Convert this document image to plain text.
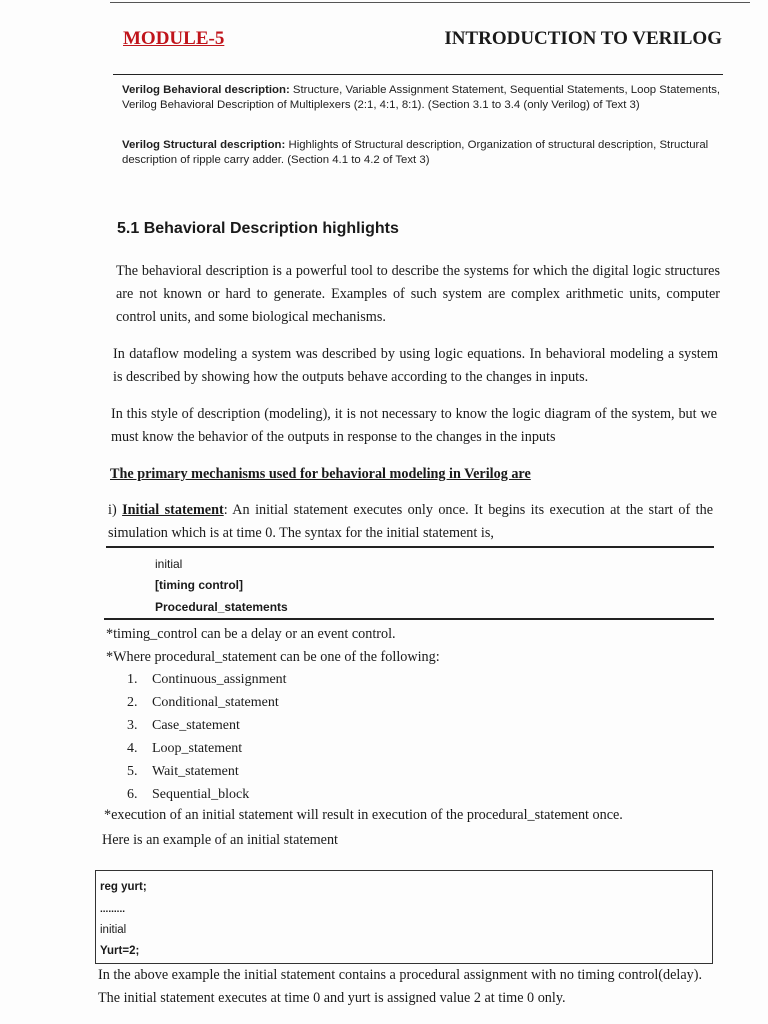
MODULE-5	INTRODUCTION TO VERILOG
Verilog Behavioral description: Structure, Variable Assignment Statement, Sequential Statements, Loop Statements, Verilog Behavioral Description of Multiplexers (2:1, 4:1, 8:1). (Section 3.1 to 3.4 (only Verilog) of Text 3)
Verilog Structural description: Highlights of Structural description, Organization of structural description, Structural description of ripple carry adder. (Section 4.1 to 4.2 of Text 3)
5.1 Behavioral Description highlights

The behavioral description is a powerful tool to describe the systems for which the digital logic structures are not known or hard to generate. Examples of such system are complex arithmetic units, computer control units, and some biological mechanisms.

In dataflow modeling a system was described by using logic equations. In behavioral modeling a system is described by showing how the outputs behave according to the changes in inputs.

In this style of description (modeling), it is not necessary to know the logic diagram of the system, but we must know the behavior of the outputs in response to the changes in the inputs

The primary mechanisms used for behavioral modeling in Verilog are
i) Initial statement: An initial statement executes only once. It begins its execution at the start of the simulation which is at time 0. The syntax for the initial statement is,
initial
[timing control]
Procedural_statements
*timing_control can be a delay or an event control.
*Where procedural_statement can be one of the following:
1. Continuous_assignment
2. Conditional_statement
3. Case_statement
4. Loop_statement
5. Wait_statement
6. Sequential_block
*execution of an initial statement will result in execution of the procedural_statement once.
Here is an example of an initial statement
reg yurt;
.........
initial
Yurt=2;
In the above example the initial statement contains a procedural assignment with no timing control(delay). The initial statement executes at time 0 and yurt is assigned value 2 at time 0 only.
